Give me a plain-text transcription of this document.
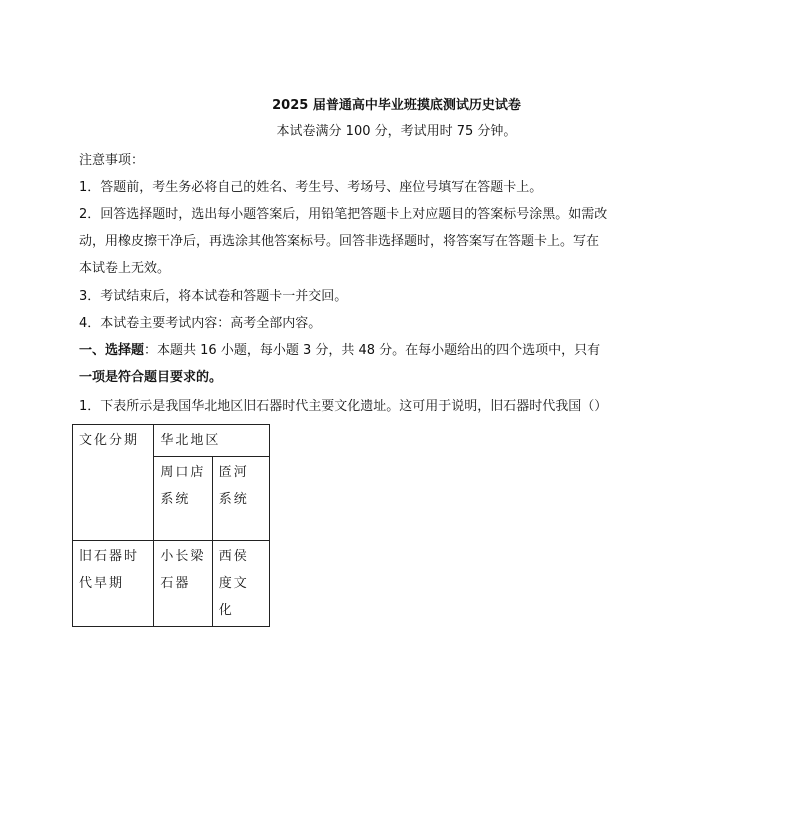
2025 届普通高中毕业班摸底测试历史试卷
本试卷满分 100 分，考试用时 75 分钟。
注意事项：
1．答题前，考生务必将自己的姓名、考生号、考场号、座位号填写在答题卡上。
2．回答选择题时，选出每小题答案后，用铅笔把答题卡上对应题目的答案标号涂黑。如需改
动，用橡皮擦干净后，再选涂其他答案标号。回答非选择题时，将答案写在答题卡上。写在
本试卷上无效。
3．考试结束后，将本试卷和答题卡一并交回。
4．本试卷主要考试内容：高考全部内容。
一、选择题：本题共 16 小题，每小题 3 分，共 48 分。在每小题给出的四个选项中，只有
一项是符合题目要求的。
1．下表所示是我国华北地区旧石器时代主要文化遗址。这可用于说明，旧石器时代我国（）
文化分期	华北地区	
	周口店系统	匼河系统
旧石器时代早期	小长梁石器	西侯度文化
